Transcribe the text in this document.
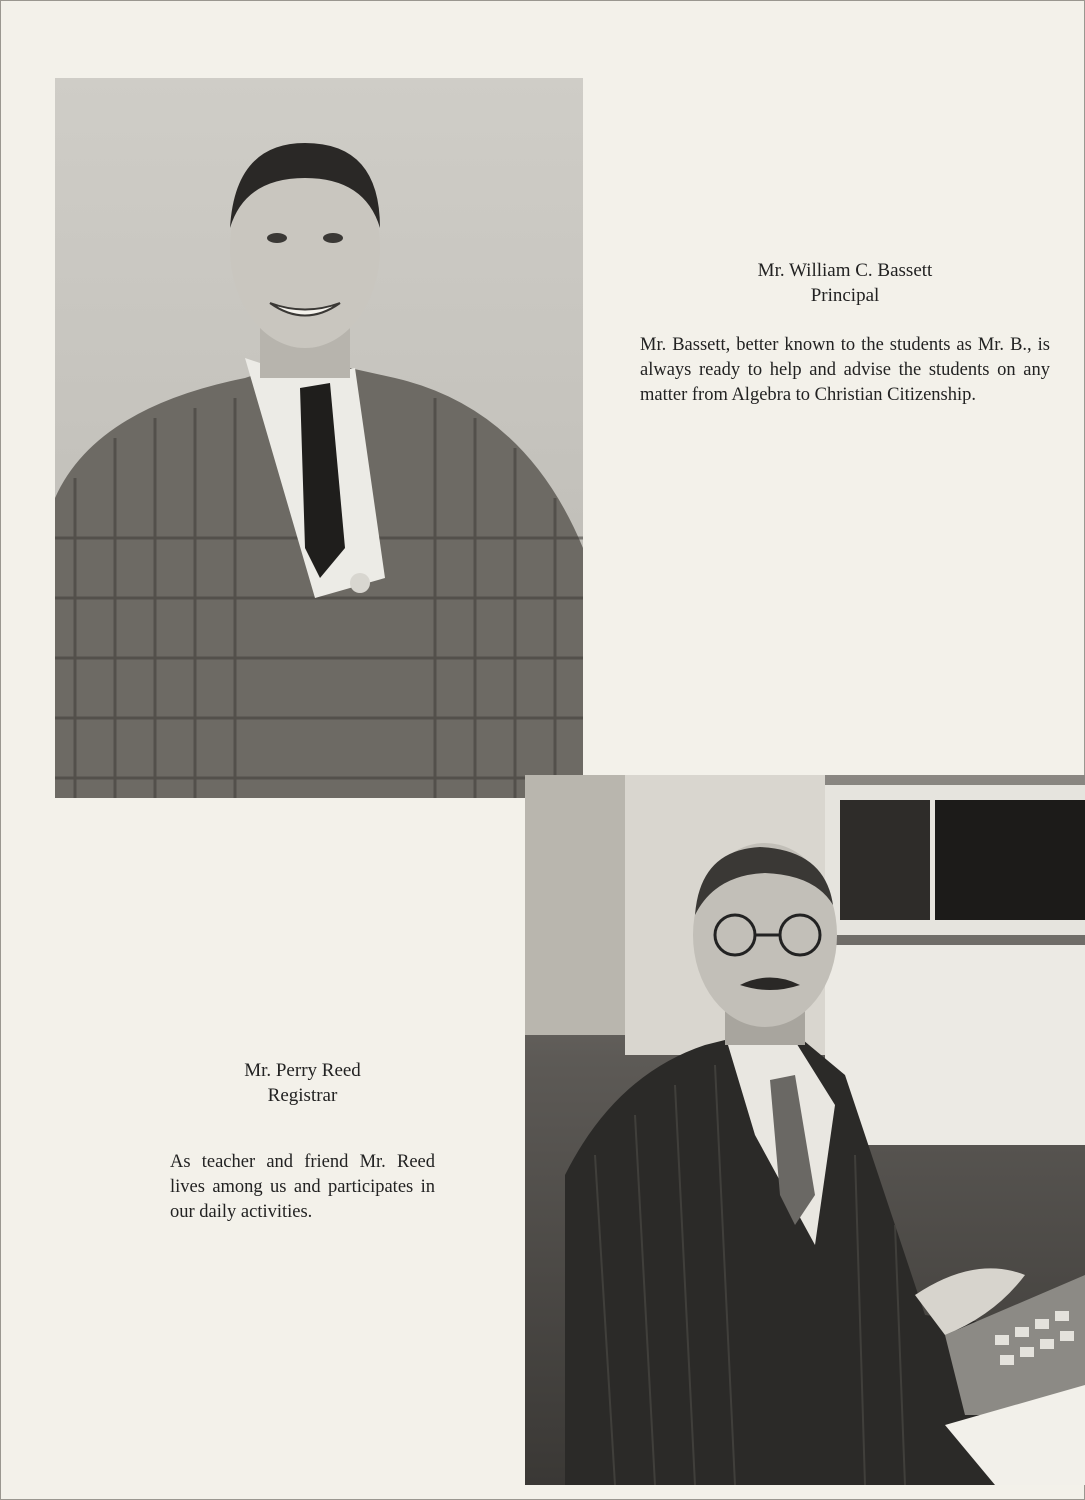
Mr. William C. Bassett

Principal

Mr. Bassett, better known to the students as Mr. B., is always ready to help and advise the students on any matter from Algebra to Christian Citizenship.

Mr. Perry Reed

Registrar

As teacher and friend Mr. Reed lives among us and participates in our daily activities.
